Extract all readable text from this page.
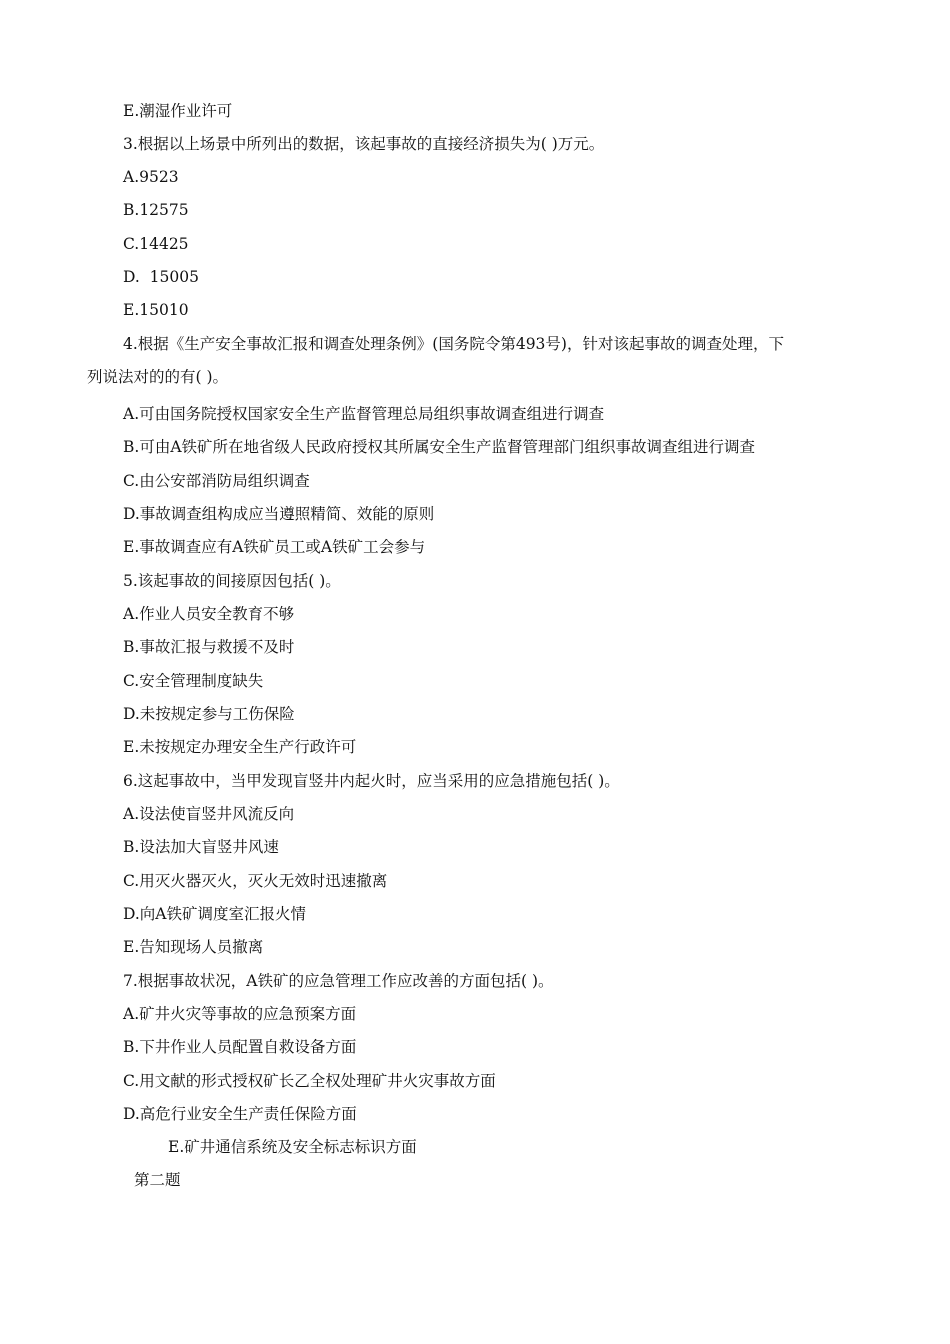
E.潮湿作业许可
3.根据以上场景中所列出的数据，该起事故的直接经济损失为( )万元。
A.9523
B.12575
C.14425
D.  15005
E.15010
4.根据《生产安全事故汇报和调查处理条例》(国务院令第493号)，针对该起事故的调查处理，下
列说法对的的有( )。
A.可由国务院授权国家安全生产监督管理总局组织事故调查组进行调查
B.可由A铁矿所在地省级人民政府授权其所属安全生产监督管理部门组织事故调查组进行调查
C.由公安部消防局组织调查
D.事故调查组构成应当遵照精简、效能的原则
E.事故调查应有A铁矿员工或A铁矿工会参与
5.该起事故的间接原因包括( )。
A.作业人员安全教育不够
B.事故汇报与救援不及时
C.安全管理制度缺失
D.未按规定参与工伤保险
E.未按规定办理安全生产行政许可
6.这起事故中，当甲发现盲竖井内起火时，应当采用的应急措施包括( )。
A.设法使盲竖井风流反向
B.设法加大盲竖井风速
C.用灭火器灭火，灭火无效时迅速撤离
D.向A铁矿调度室汇报火情
E.告知现场人员撤离
7.根据事故状况，A铁矿的应急管理工作应改善的方面包括( )。
A.矿井火灾等事故的应急预案方面
B.下井作业人员配置自救设备方面
C.用文献的形式授权矿长乙全权处理矿井火灾事故方面
D.高危行业安全生产责任保险方面
E.矿井通信系统及安全标志标识方面
第二题
